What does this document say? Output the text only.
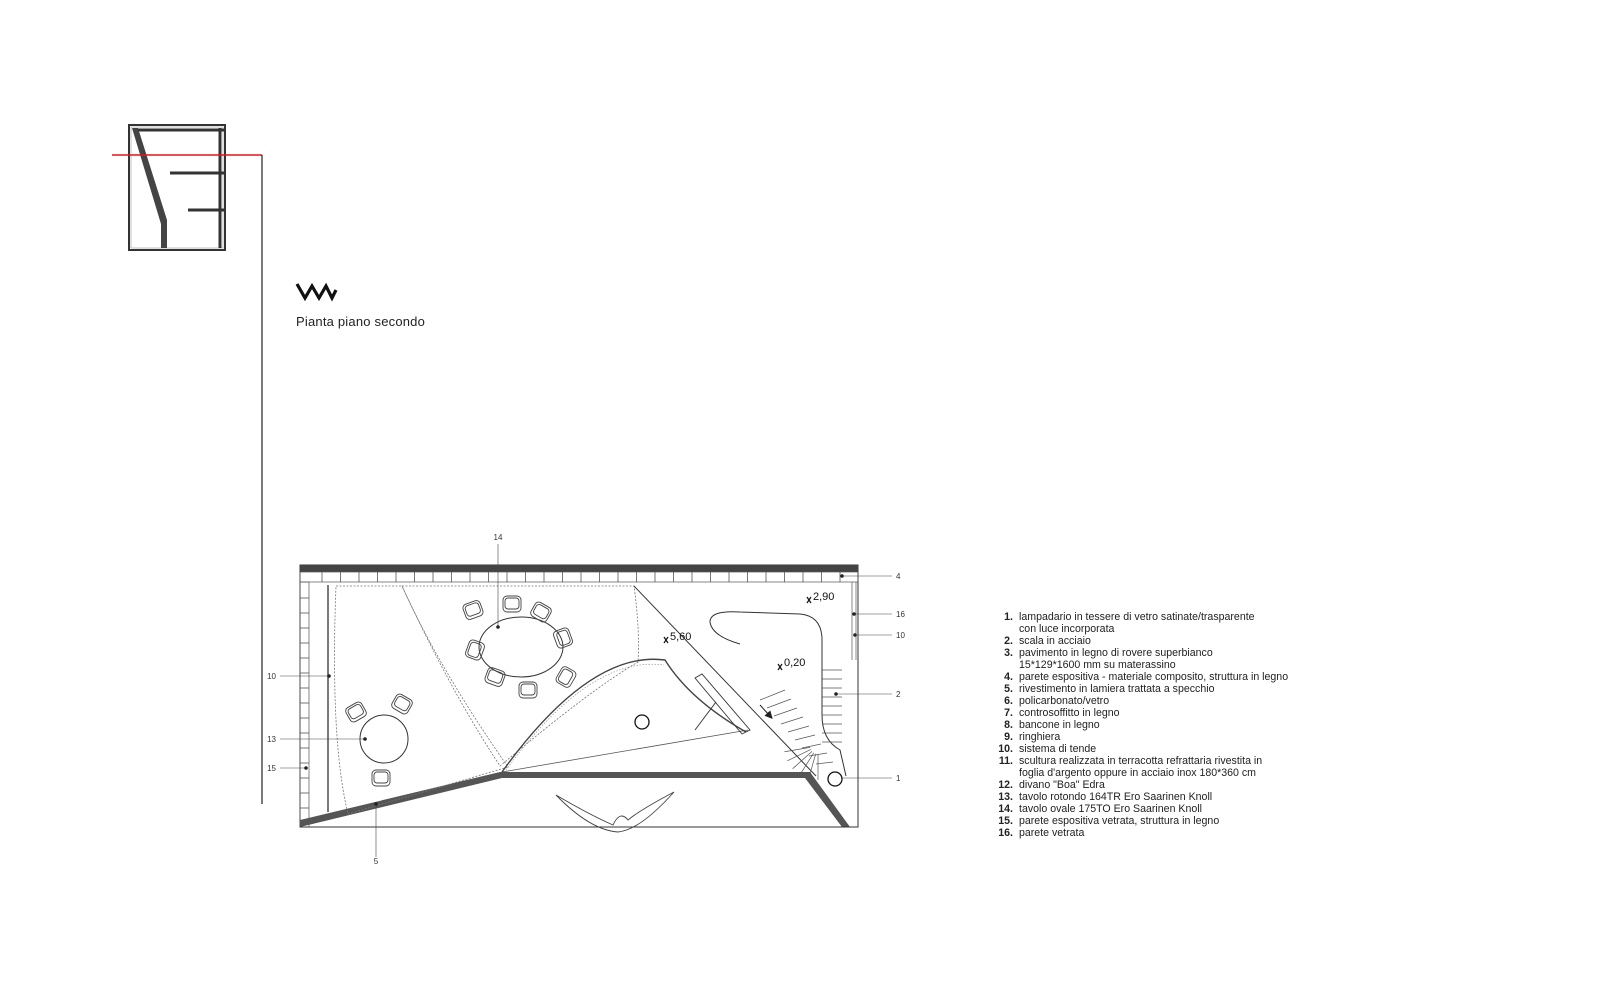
Pianta piano secondo
14
4
16
10
2
1
10
13
15
5
2,90
5,60
0,20
1. lampadario in tessere di vetro satinate/trasparente
con luce incorporata
2. scala in acciaio
3. pavimento in legno di rovere superbianco
15*129*1600 mm su materassino
4. parete espositiva - materiale composito, struttura in legno
5. rivestimento in lamiera trattata a specchio
6. policarbonato/vetro
7. controsoffitto in legno
8. bancone in legno
9. ringhiera
10. sistema di tende
11. scultura realizzata in terracotta refrattaria rivestita in
foglia d'argento oppure in acciaio inox 180*360 cm
12. divano "Boa" Edra
13. tavolo rotondo 164TR Ero Saarinen Knoll
14. tavolo ovale 175TO Ero Saarinen Knoll
15. parete espositiva vetrata, struttura in legno
16. parete vetrata
